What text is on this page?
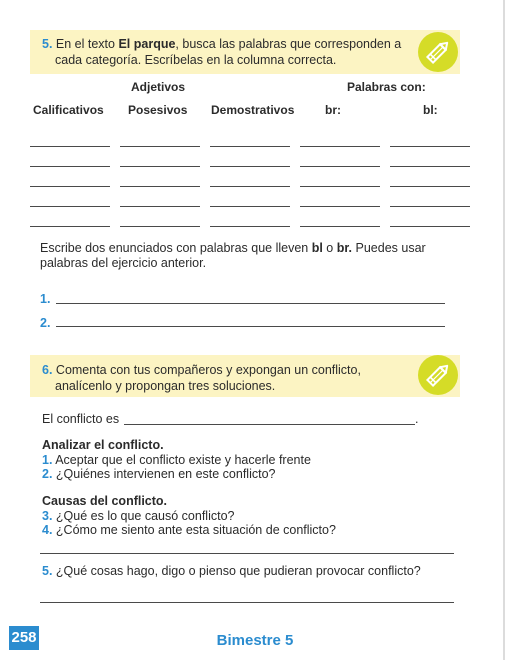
5. En el texto El parque, busca las palabras que corresponden a
cada categoría. Escríbelas en la columna correcta.
Adjetivos	Palabras con:
Calificativos Posesivos Demostrativos	br:	bl:
Escribe dos enunciados con palabras que lleven bl o br. Puedes usar
palabras del ejercicio anterior.
1.
2.
6. Comenta con tus compañeros y expongan un conflicto,
analícenlo y propongan tres soluciones.
El conflicto es	.
Analizar el conflicto.
1. Aceptar que el conflicto existe y hacerle frente
2. ¿Quiénes intervienen en este conflicto?
Causas del conflicto.
3. ¿Qué es lo que causó conflicto?
4. ¿Cómo me siento ante esta situación de conflicto?
5. ¿Qué cosas hago, digo o pienso que pudieran provocar conflicto?
258	Bimestre 5
